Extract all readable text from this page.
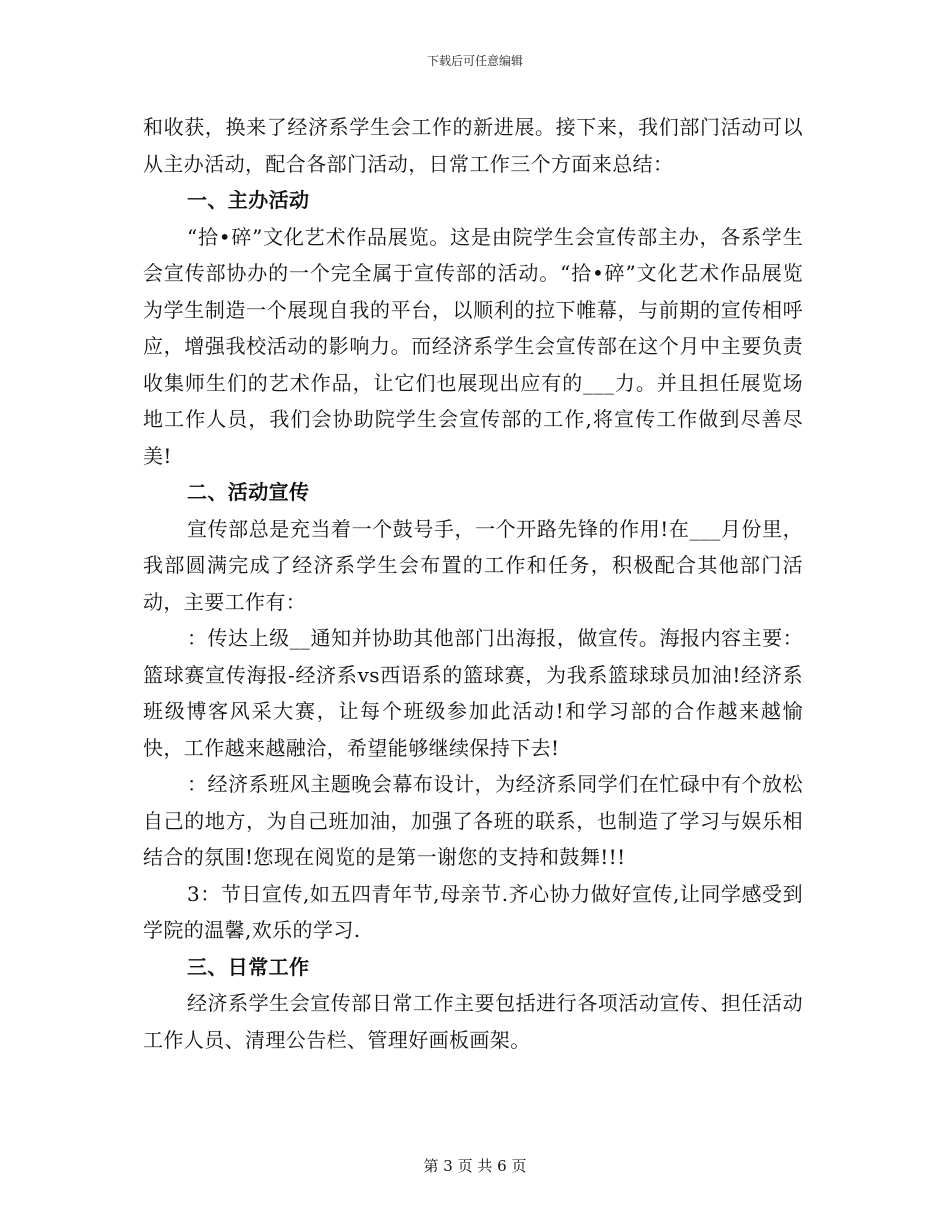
下载后可任意编辑

和收获，换来了经济系学生会工作的新进展。接下来，我们部门活动可以从主办活动，配合各部门活动，日常工作三个方面来总结：

一、主办活动

“拾•碎”文化艺术作品展览。这是由院学生会宣传部主办，各系学生会宣传部协办的一个完全属于宣传部的活动。“拾•碎”文化艺术作品展览为学生制造一个展现自我的平台，以顺利的拉下帷幕，与前期的宣传相呼应，增强我校活动的影响力。而经济系学生会宣传部在这个月中主要负责收集师生们的艺术作品，让它们也展现出应有的___力。并且担任展览场地工作人员，我们会协助院学生会宣传部的工作,将宣传工作做到尽善尽美!

二、活动宣传

宣传部总是充当着一个鼓号手，一个开路先锋的作用!在___月份里，我部圆满完成了经济系学生会布置的工作和任务，积极配合其他部门活动，主要工作有：

：传达上级__通知并协助其他部门出海报，做宣传。海报内容主要：篮球赛宣传海报-经济系vs西语系的篮球赛，为我系篮球球员加油!经济系班级博客风采大赛，让每个班级参加此活动!和学习部的合作越来越愉快，工作越来越融洽，希望能够继续保持下去!

：经济系班风主题晚会幕布设计，为经济系同学们在忙碌中有个放松自己的地方，为自己班加油，加强了各班的联系，也制造了学习与娱乐相结合的氛围!您现在阅览的是第一谢您的支持和鼓舞!!!

3：节日宣传,如五四青年节,母亲节.齐心协力做好宣传,让同学感受到学院的温馨,欢乐的学习.

三、日常工作

经济系学生会宣传部日常工作主要包括进行各项活动宣传、担任活动工作人员、清理公告栏、管理好画板画架。

第 3 页 共 6 页
